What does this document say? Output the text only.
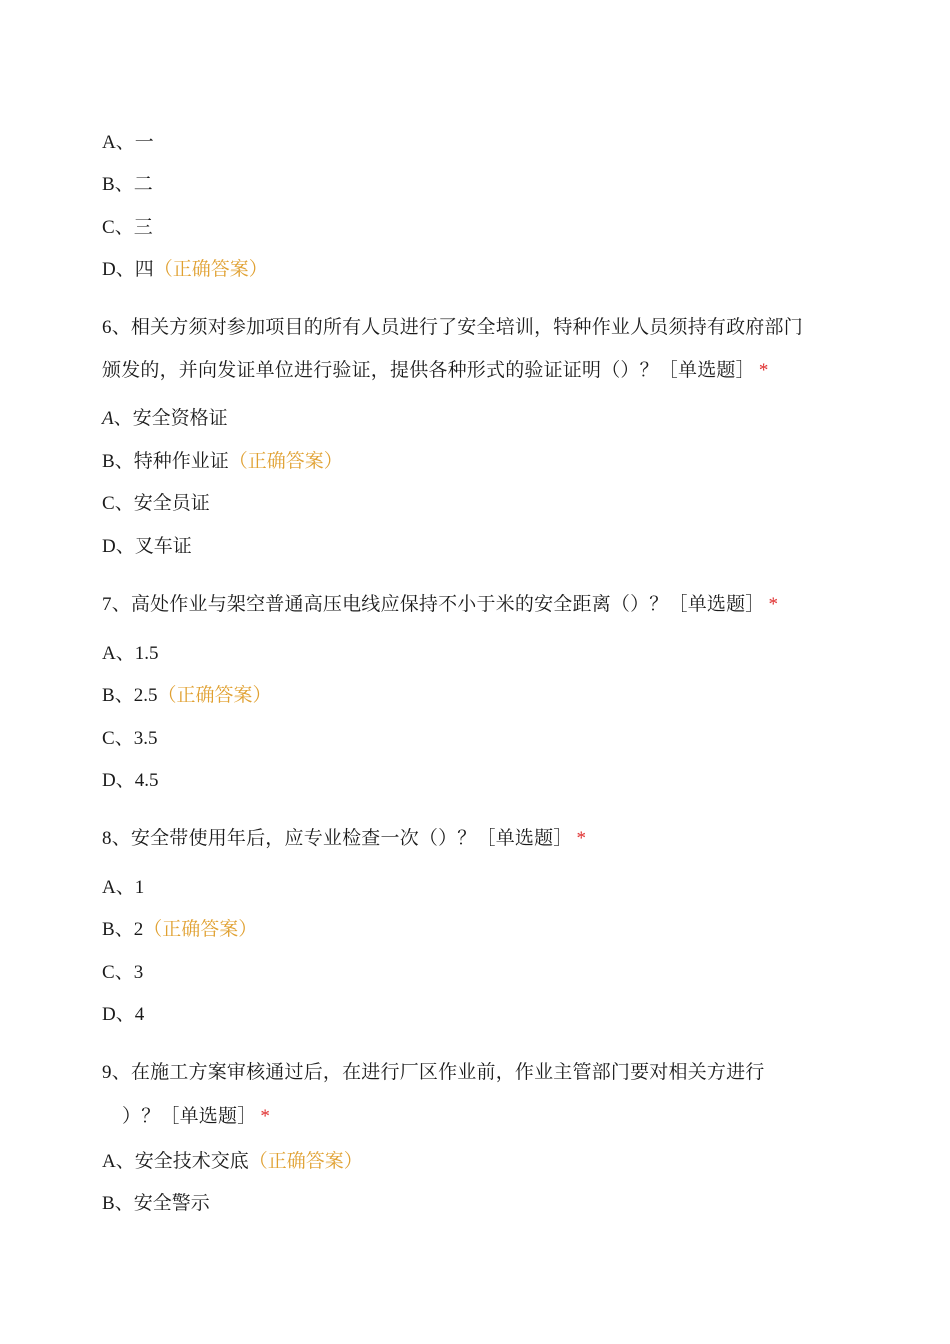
A、一
B、二
C、三
D、四（正确答案）
6、相关方须对参加项目的所有人员进行了安全培训，特种作业人员须持有政府部门
颁发的，并向发证单位进行验证，提供各种形式的验证证明（）？［单选题］ *
A、安全资格证
B、特种作业证（正确答案）
C、安全员证
D、叉车证
7、高处作业与架空普通高压电线应保持不小于米的安全距离（）？［单选题］ *
A、1.5
B、2.5（正确答案）
C、3.5
D、4.5
8、安全带使用年后，应专业检查一次（）？［单选题］ *
A、1
B、2（正确答案）
C、3
D、4
9、在施工方案审核通过后，在进行厂区作业前，作业主管部门要对相关方进行
）？［单选题］ *
A、安全技术交底（正确答案）
B、安全警示
